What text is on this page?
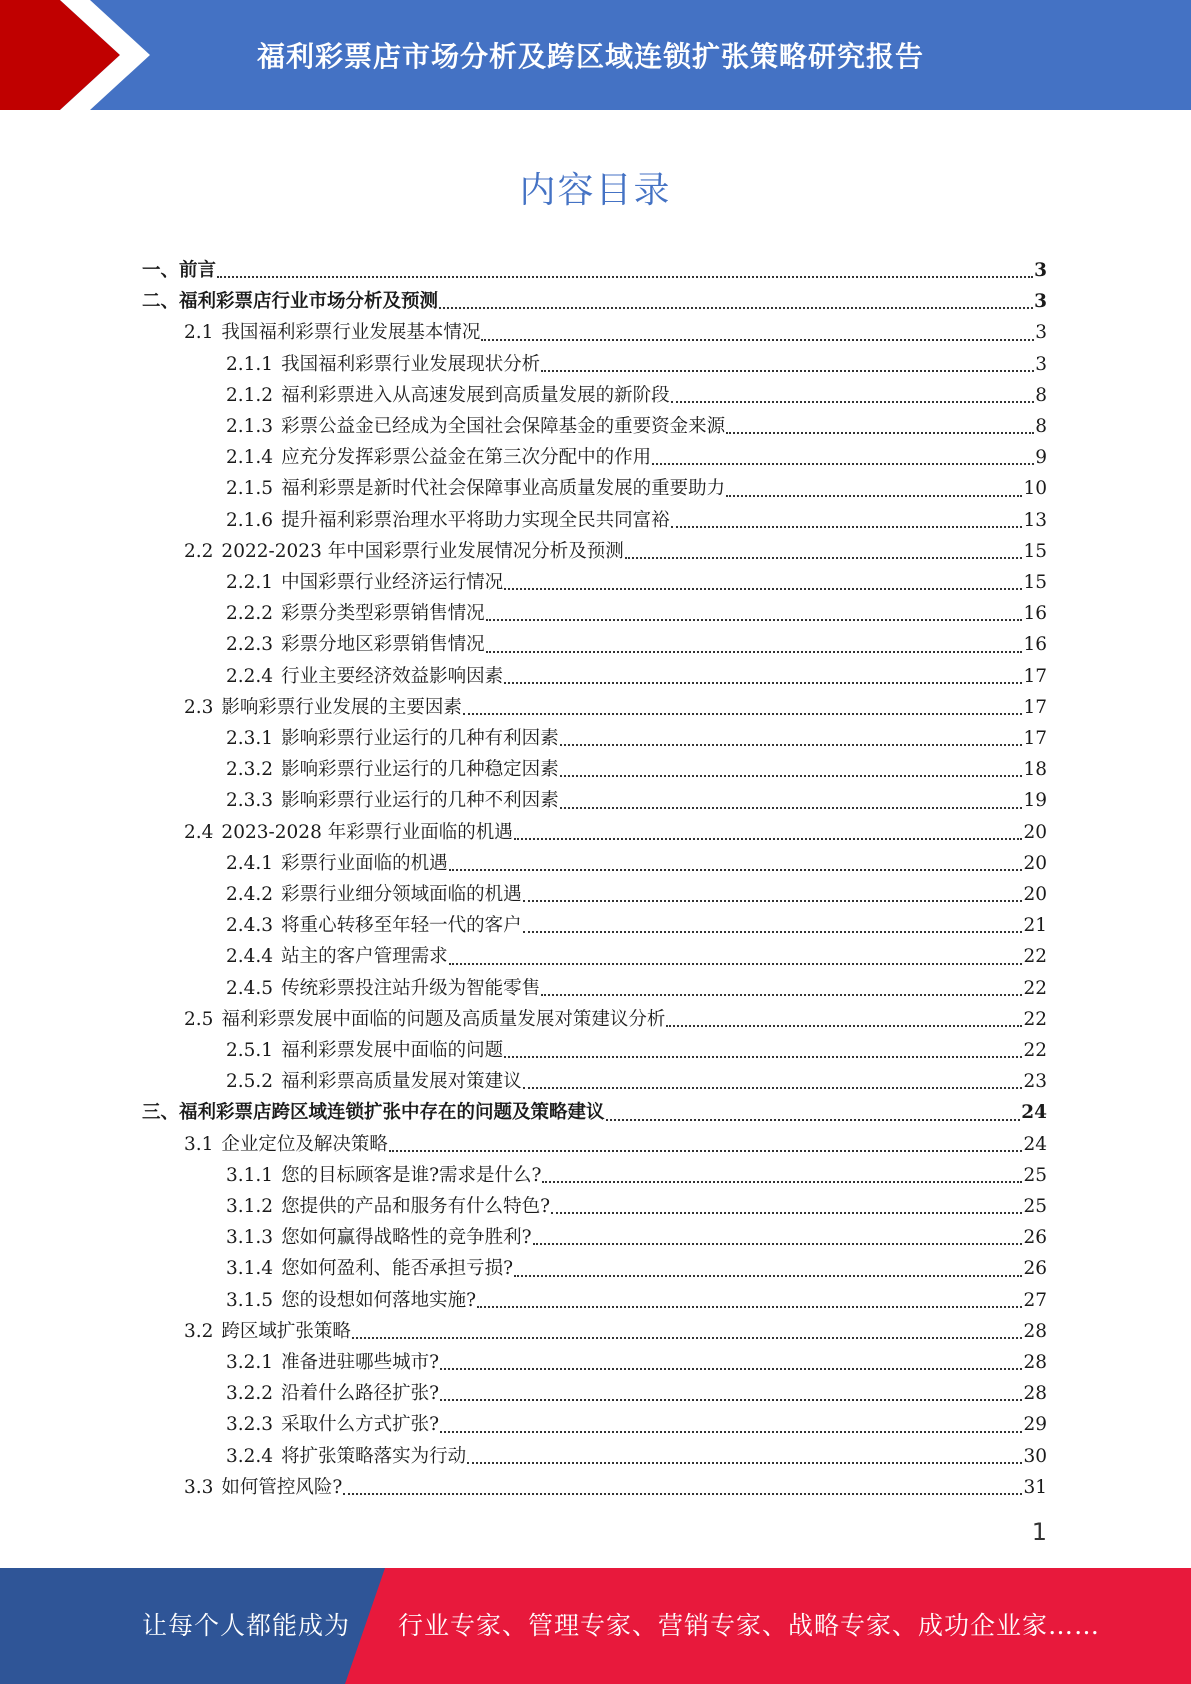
福利彩票店市场分析及跨区域连锁扩张策略研究报告
内容目录
一、 前言	3
二、 福利彩票店行业市场分析及预测	3
2.1 我国福利彩票行业发展基本情况	3
2.1.1 我国福利彩票行业发展现状分析	3
2.1.2 福利彩票进入从高速发展到高质量发展的新阶段	8
2.1.3 彩票公益金已经成为全国社会保障基金的重要资金来源	8
2.1.4 应充分发挥彩票公益金在第三次分配中的作用	9
2.1.5 福利彩票是新时代社会保障事业高质量发展的重要助力	10
2.1.6 提升福利彩票治理水平将助力实现全民共同富裕	13
2.2 2022-2023 年中国彩票行业发展情况分析及预测	15
2.2.1 中国彩票行业经济运行情况	15
2.2.2 彩票分类型彩票销售情况	16
2.2.3 彩票分地区彩票销售情况	16
2.2.4 行业主要经济效益影响因素	17
2.3 影响彩票行业发展的主要因素	17
2.3.1 影响彩票行业运行的几种有利因素	17
2.3.2 影响彩票行业运行的几种稳定因素	18
2.3.3 影响彩票行业运行的几种不利因素	19
2.4 2023-2028 年彩票行业面临的机遇	20
2.4.1 彩票行业面临的机遇	20
2.4.2 彩票行业细分领域面临的机遇	20
2.4.3 将重心转移至年轻一代的客户	21
2.4.4 站主的客户管理需求	22
2.4.5 传统彩票投注站升级为智能零售	22
2.5 福利彩票发展中面临的问题及高质量发展对策建议分析	22
2.5.1 福利彩票发展中面临的问题	22
2.5.2 福利彩票高质量发展对策建议	23
三、 福利彩票店跨区域连锁扩张中存在的问题及策略建议	24
3.1 企业定位及解决策略	24
3.1.1 您的目标顾客是谁?需求是什么?	25
3.1.2 您提供的产品和服务有什么特色?	25
3.1.3 您如何赢得战略性的竞争胜利?	26
3.1.4 您如何盈利、能否承担亏损?	26
3.1.5 您的设想如何落地实施?	27
3.2 跨区域扩张策略	28
3.2.1 准备进驻哪些城市?	28
3.2.2 沿着什么路径扩张?	28
3.2.3 采取什么方式扩张?	29
3.2.4 将扩张策略落实为行动	30
3.3 如何管控风险?	31
1
让每个人都能成为 行业专家、管理专家、营销专家、战略专家、成功企业家……
